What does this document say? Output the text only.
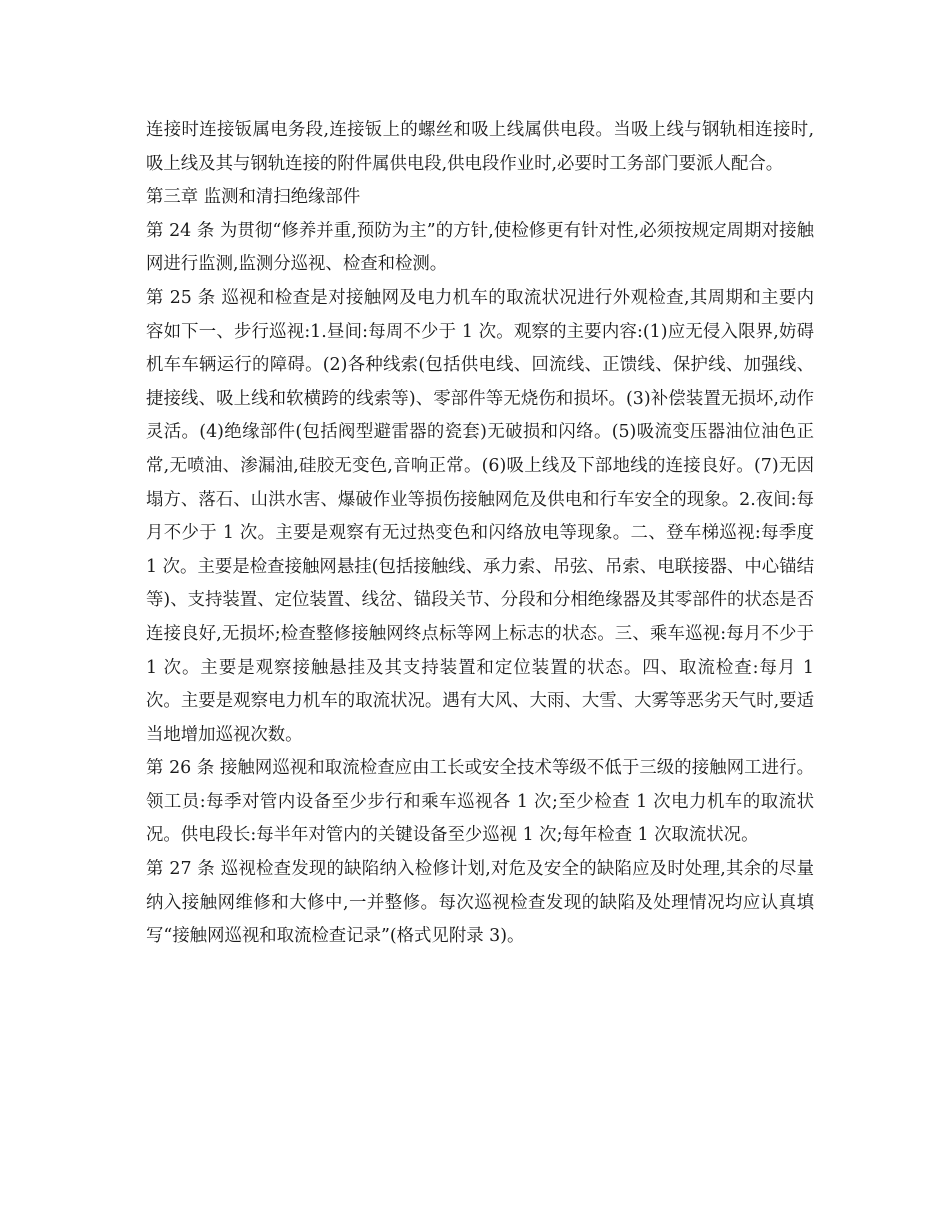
连接时连接钣属电务段,连接钣上的螺丝和吸上线属供电段。当吸上线与钢轨相连接时,吸上线及其与钢轨连接的附件属供电段,供电段作业时,必要时工务部门要派人配合。

第三章 监测和清扫绝缘部件

第 24 条 为贯彻“修养并重,预防为主”的方针,使检修更有针对性,必须按规定周期对接触网进行监测,监测分巡视、检查和检测。

第 25 条 巡视和检查是对接触网及电力机车的取流状况进行外观检查,其周期和主要内容如下一、步行巡视:1.昼间:每周不少于 1 次。观察的主要内容:(1)应无侵入限界,妨碍机车车辆运行的障碍。(2)各种线索(包括供电线、回流线、正馈线、保护线、加强线、捷接线、吸上线和软横跨的线索等)、零部件等无烧伤和损坏。(3)补偿装置无损坏,动作灵活。(4)绝缘部件(包括阀型避雷器的瓷套)无破损和闪络。(5)吸流变压器油位油色正常,无喷油、渗漏油,硅胶无变色,音响正常。(6)吸上线及下部地线的连接良好。(7)无因塌方、落石、山洪水害、爆破作业等损伤接触网危及供电和行车安全的现象。2.夜间:每月不少于 1 次。主要是观察有无过热变色和闪络放电等现象。二、登车梯巡视:每季度 1 次。主要是检查接触网悬挂(包括接触线、承力索、吊弦、吊索、电联接器、中心锚结等)、支持装置、定位装置、线岔、锚段关节、分段和分相绝缘器及其零部件的状态是否连接良好,无损坏;检查整修接触网终点标等网上标志的状态。三、乘车巡视:每月不少于 1 次。主要是观察接触悬挂及其支持装置和定位装置的状态。四、取流检查:每月 1 次。主要是观察电力机车的取流状况。遇有大风、大雨、大雪、大雾等恶劣天气时,要适当地增加巡视次数。

第 26 条 接触网巡视和取流检查应由工长或安全技术等级不低于三级的接触网工进行。领工员:每季对管内设备至少步行和乘车巡视各 1 次;至少检查 1 次电力机车的取流状况。供电段长:每半年对管内的关键设备至少巡视 1 次;每年检查 1 次取流状况。

第 27 条 巡视检查发现的缺陷纳入检修计划,对危及安全的缺陷应及时处理,其余的尽量纳入接触网维修和大修中,一并整修。每次巡视检查发现的缺陷及处理情况均应认真填写“接触网巡视和取流检查记录”(格式见附录 3)。
